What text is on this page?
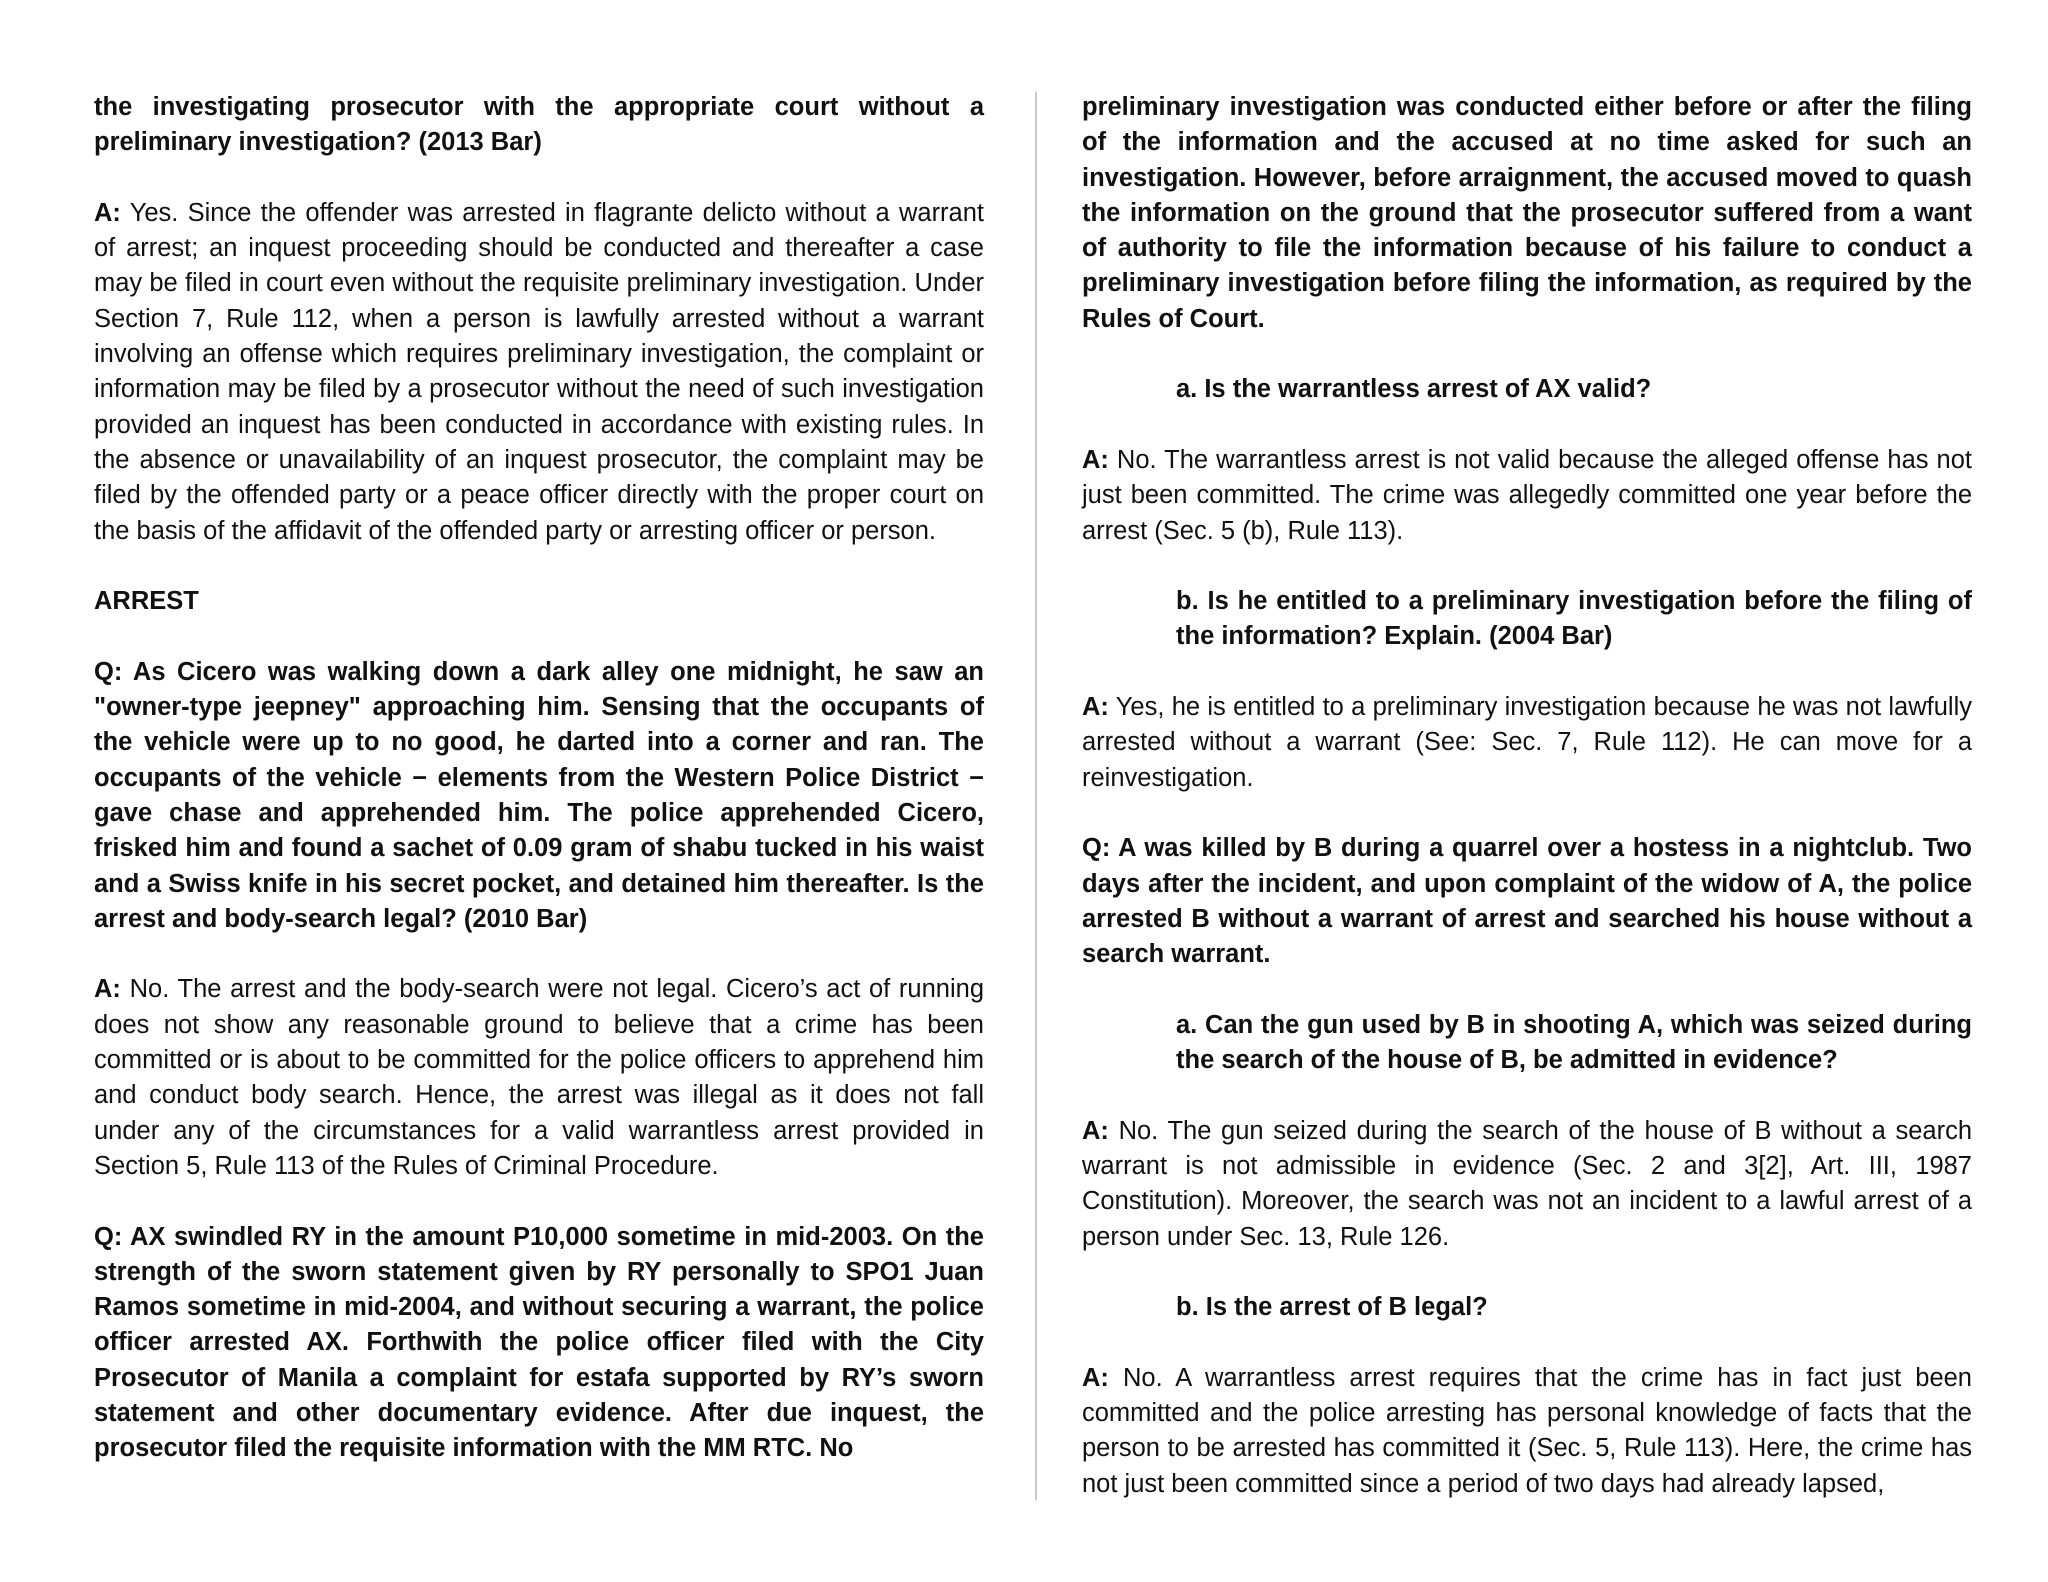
the investigating prosecutor with the appropriate court without a preliminary investigation? (2013 Bar)

A: Yes. Since the offender was arrested in flagrante delicto without a warrant of arrest; an inquest proceeding should be conducted and thereafter a case may be filed in court even without the requisite preliminary investigation. Under Section 7, Rule 112, when a person is lawfully arrested without a warrant involving an offense which requires preliminary investigation, the complaint or information may be filed by a prosecutor without the need of such investigation provided an inquest has been conducted in accordance with existing rules. In the absence or unavailability of an inquest prosecutor, the complaint may be filed by the offended party or a peace officer directly with the proper court on the basis of the affidavit of the offended party or arresting officer or person.

ARREST

Q: As Cicero was walking down a dark alley one midnight, he saw an "owner-type jeepney" approaching him. Sensing that the occupants of the vehicle were up to no good, he darted into a corner and ran. The occupants of the vehicle − elements from the Western Police District − gave chase and apprehended him. The police apprehended Cicero, frisked him and found a sachet of 0.09 gram of shabu tucked in his waist and a Swiss knife in his secret pocket, and detained him thereafter. Is the arrest and body-search legal? (2010 Bar)

A: No. The arrest and the body-search were not legal. Cicero’s act of running does not show any reasonable ground to believe that a crime has been committed or is about to be committed for the police officers to apprehend him and conduct body search. Hence, the arrest was illegal as it does not fall under any of the circumstances for a valid warrantless arrest provided in Section 5, Rule 113 of the Rules of Criminal Procedure.

Q: AX swindled RY in the amount P10,000 sometime in mid-2003. On the strength of the sworn statement given by RY personally to SPO1 Juan Ramos sometime in mid-2004, and without securing a warrant, the police officer arrested AX. Forthwith the police officer filed with the City Prosecutor of Manila a complaint for estafa supported by RY’s sworn statement and other documentary evidence. After due inquest, the prosecutor filed the requisite information with the MM RTC. No

preliminary investigation was conducted either before or after the filing of the information and the accused at no time asked for such an investigation. However, before arraignment, the accused moved to quash the information on the ground that the prosecutor suffered from a want of authority to file the information because of his failure to conduct a preliminary investigation before filing the information, as required by the Rules of Court.

a. Is the warrantless arrest of AX valid?

A: No. The warrantless arrest is not valid because the alleged offense has not just been committed. The crime was allegedly committed one year before the arrest (Sec. 5 (b), Rule 113).

b. Is he entitled to a preliminary investigation before the filing of the information? Explain. (2004 Bar)

A: Yes, he is entitled to a preliminary investigation because he was not lawfully arrested without a warrant (See: Sec. 7, Rule 112). He can move for a reinvestigation.

Q: A was killed by B during a quarrel over a hostess in a nightclub. Two days after the incident, and upon complaint of the widow of A, the police arrested B without a warrant of arrest and searched his house without a search warrant.

a. Can the gun used by B in shooting A, which was seized during the search of the house of B, be admitted in evidence?

A: No. The gun seized during the search of the house of B without a search warrant is not admissible in evidence (Sec. 2 and 3[2], Art. III, 1987 Constitution). Moreover, the search was not an incident to a lawful arrest of a person under Sec. 13, Rule 126.

b. Is the arrest of B legal?

A: No. A warrantless arrest requires that the crime has in fact just been committed and the police arresting has personal knowledge of facts that the person to be arrested has committed it (Sec. 5, Rule 113). Here, the crime has not just been committed since a period of two days had already lapsed,
